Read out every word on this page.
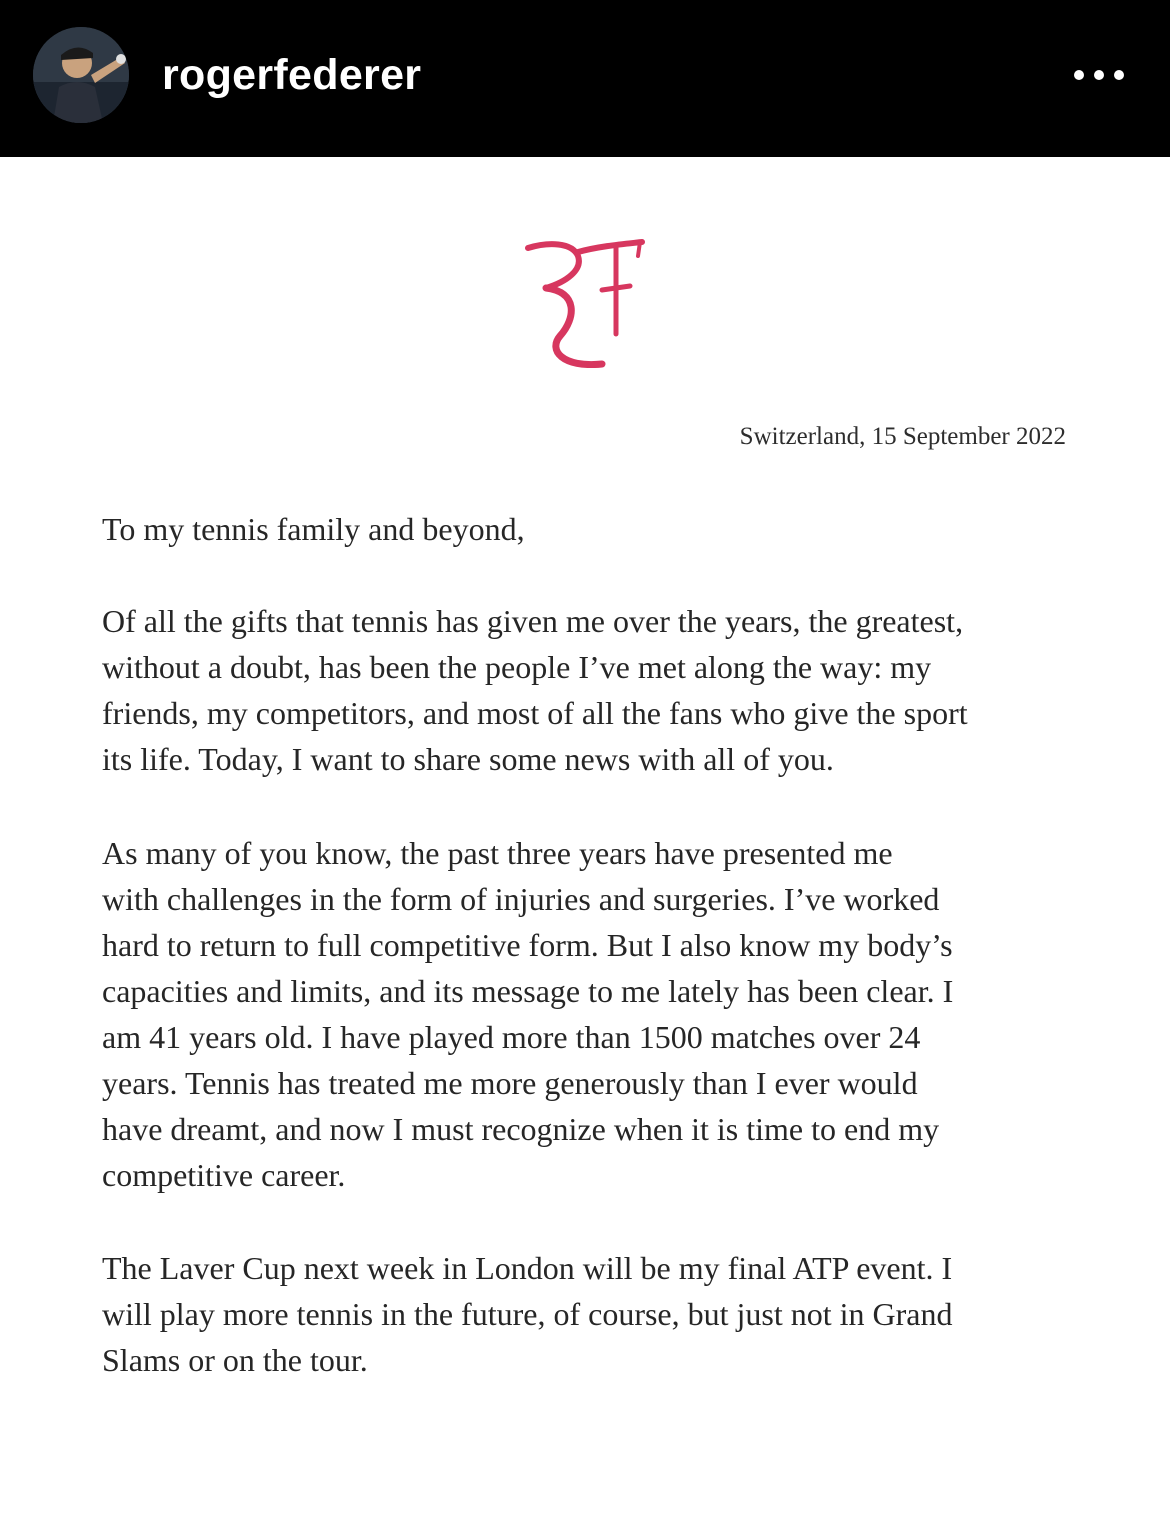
rogerfederer
Switzerland, 15 September 2022
To my tennis family and beyond,
Of all the gifts that tennis has given me over the years, the greatest,
without a doubt, has been the people I’ve met along the way: my
friends, my competitors, and most of all the fans who give the sport
its life. Today, I want to share some news with all of you.
As many of you know, the past three years have presented me
with challenges in the form of injuries and surgeries. I’ve worked
hard to return to full competitive form. But I also know my body’s
capacities and limits, and its message to me lately has been clear. I
am 41 years old. I have played more than 1500 matches over 24
years. Tennis has treated me more generously than I ever would
have dreamt, and now I must recognize when it is time to end my
competitive career.
The Laver Cup next week in London will be my final ATP event. I
will play more tennis in the future, of course, but just not in Grand
Slams or on the tour.
